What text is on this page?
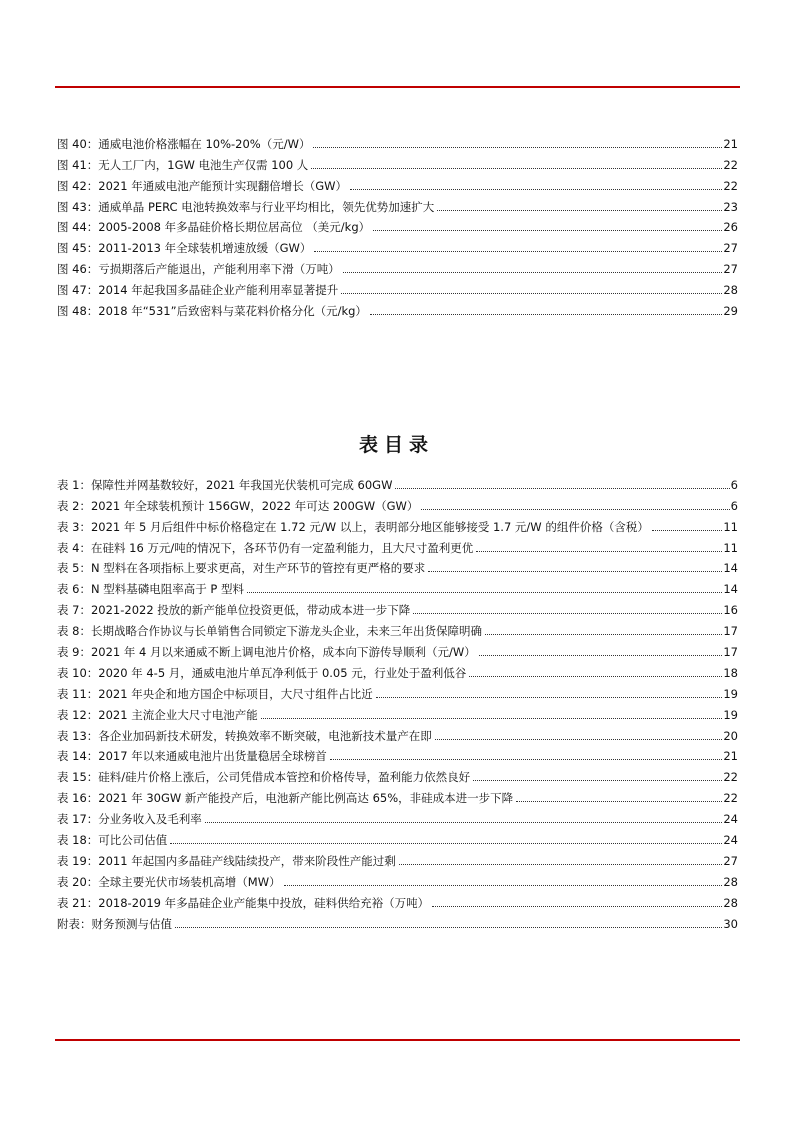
图 40：通威电池价格涨幅在 10%-20%（元/W）	21
图 41：无人工厂内，1GW 电池生产仅需 100 人	22
图 42：2021 年通威电池产能预计实现翻倍增长（GW）	22
图 43：通威单晶 PERC 电池转换效率与行业平均相比，领先优势加速扩大	23
图 44：2005-2008 年多晶硅价格长期位居高位 （美元/kg）	26
图 45：2011-2013 年全球装机增速放缓（GW）	27
图 46：亏损期落后产能退出，产能利用率下滑（万吨）	27
图 47：2014 年起我国多晶硅企业产能利用率显著提升	28
图 48：2018 年“531”后致密料与菜花料价格分化（元/kg）	29
表目录
表 1：保障性并网基数较好，2021 年我国光伏装机可完成 60GW	6
表 2：2021 年全球装机预计 156GW，2022 年可达 200GW（GW）	6
表 3：2021 年 5 月后组件中标价格稳定在 1.72 元/W 以上，表明部分地区能够接受 1.7 元/W 的组件价格（含税）	11
表 4：在硅料 16 万元/吨的情况下，各环节仍有一定盈利能力，且大尺寸盈利更优	11
表 5：N 型料在各项指标上要求更高，对生产环节的管控有更严格的要求	14
表 6：N 型料基磷电阻率高于 P 型料	14
表 7：2021-2022 投放的新产能单位投资更低，带动成本进一步下降	16
表 8：长期战略合作协议与长单销售合同锁定下游龙头企业，未来三年出货保障明确	17
表 9：2021 年 4 月以来通威不断上调电池片价格，成本向下游传导顺利（元/W）	17
表 10：2020 年 4-5 月，通威电池片单瓦净利低于 0.05 元，行业处于盈利低谷	18
表 11：2021 年央企和地方国企中标项目，大尺寸组件占比近	19
表 12：2021 主流企业大尺寸电池产能	19
表 13：各企业加码新技术研发，转换效率不断突破，电池新技术量产在即	20
表 14：2017 年以来通威电池片出货量稳居全球榜首	21
表 15：硅料/硅片价格上涨后，公司凭借成本管控和价格传导，盈利能力依然良好	22
表 16：2021 年 30GW 新产能投产后，电池新产能比例高达 65%，非硅成本进一步下降	22
表 17：分业务收入及毛利率	24
表 18：可比公司估值	24
表 19：2011 年起国内多晶硅产线陆续投产，带来阶段性产能过剩	27
表 20：全球主要光伏市场装机高增（MW）	28
表 21：2018-2019 年多晶硅企业产能集中投放，硅料供给充裕（万吨）	28
附表：财务预测与估值	30
